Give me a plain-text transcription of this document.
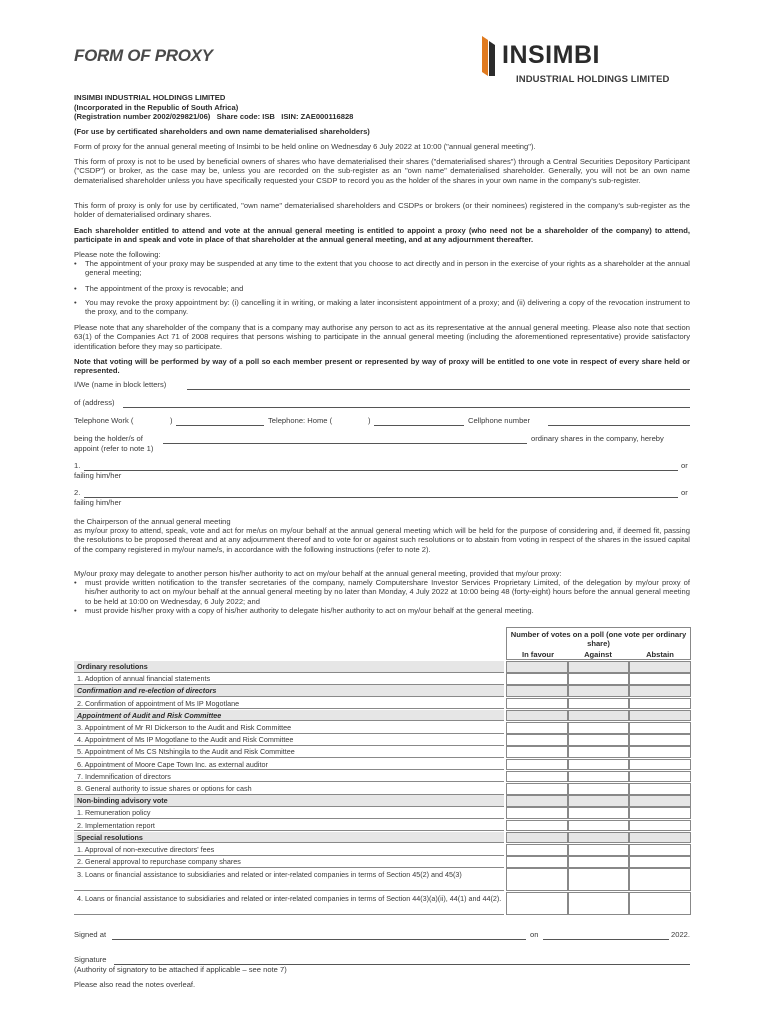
FORM OF PROXY	INSIMBI
INDUSTRIAL HOLDINGS LIMITED
INSIMBI INDUSTRIAL HOLDINGS LIMITED
(Incorporated in the Republic of South Africa)
(Registration number 2002/029821/06)   Share code: ISB   ISIN: ZAE000116828
(For use by certificated shareholders and own name dematerialised shareholders)
Form of proxy for the annual general meeting of Insimbi to be held online on Wednesday 6 July 2022 at 10:00 ("annual general meeting").
This form of proxy is not to be used by beneficial owners of shares who have dematerialised their shares ("dematerialised shares") through a Central Securities Depository Participant ("CSDP") or broker, as the case may be, unless you are recorded on the sub-register as an "own name" dematerialised shareholder. Generally, you will not be an own name dematerialised shareholder unless you have specifically requested your CSDP to record you as the holder of the shares in your own name in the company's sub-register.
This form of proxy is only for use by certificated, "own name" dematerialised shareholders and CSDPs or brokers (or their nominees) registered in the company's sub-register as the holder of dematerialised ordinary shares.
Each shareholder entitled to attend and vote at the annual general meeting is entitled to appoint a proxy (who need not be a shareholder of the company) to attend, participate in and speak and vote in place of that shareholder at the annual general meeting, and at any adjournment thereafter.
Please note the following:
• The appointment of your proxy may be suspended at any time to the extent that you choose to act directly and in person in the exercise of your rights as a shareholder at the annual general meeting;
• The appointment of the proxy is revocable; and
• You may revoke the proxy appointment by: (i) cancelling it in writing, or making a later inconsistent appointment of a proxy; and (ii) delivering a copy of the revocation instrument to the proxy, and to the company.
Please note that any shareholder of the company that is a company may authorise any person to act as its representative at the annual general meeting. Please also note that section 63(1) of the Companies Act 71 of 2008 requires that persons wishing to participate in the annual general meeting (including the aforementioned representative) provide satisfactory identification before they may so participate.
Note that voting will be performed by way of a poll so each member present or represented by way of proxy will be entitled to one vote in respect of every share held or represented.
I/We (name in block letters)
of (address)
Telephone Work (	)	Telephone: Home (	)	Cellphone number
being the holder/s of	ordinary shares in the company, hereby
appoint (refer to note 1)
1.	or
failing him/her
2.	or
failing him/her
the Chairperson of the annual general meeting
as my/our proxy to attend, speak, vote and act for me/us on my/our behalf at the annual general meeting which will be held for the purpose of considering and, if deemed fit, passing the resolutions to be proposed thereat and at any adjournment thereof and to vote for or against such resolutions or to abstain from voting in respect of the shares in the issued capital of the company registered in my/our name/s, in accordance with the following instructions (refer to note 2).
My/our proxy may delegate to another person his/her authority to act on my/our behalf at the annual general meeting, provided that my/our proxy:
• must provide written notification to the transfer secretaries of the company, namely Computershare Investor Services Proprietary Limited, of the delegation by my/our proxy of his/her authority to act on my/our behalf at the annual general meeting by no later than Monday, 4 July 2022 at 10:00 being 48 (forty-eight) hours before the annual general meeting to be held at 10:00 on Wednesday, 6 July 2022; and
• must provide his/her proxy with a copy of his/her authority to delegate his/her authority to act on my/our behalf at the general meeting.
Number of votes on a poll (one vote per ordinary share)
In favour	Against	Abstain
Ordinary resolutions
1. Adoption of annual financial statements
Confirmation and re-election of directors
2. Confirmation of appointment of Ms IP Mogotlane
Appointment of Audit and Risk Committee
3. Appointment of Mr RI Dickerson to the Audit and Risk Committee
4. Appointment of Ms IP Mogotlane to the Audit and Risk Committee
5. Appointment of Ms CS Ntshingila to the Audit and Risk Committee
6. Appointment of Moore Cape Town Inc. as external auditor
7. Indemnification of directors
8. General authority to issue shares or options for cash
Non-binding advisory vote
1. Remuneration policy
2. Implementation report
Special resolutions
1. Approval of non-executive directors' fees
2. General approval to repurchase company shares
3. Loans or financial assistance to subsidiaries and related or inter-related companies in terms of Section 45(2) and 45(3)
4. Loans or financial assistance to subsidiaries and related or inter-related companies in terms of Section 44(3)(a)(ii), 44(1) and 44(2).
Signed at	on	2022.
Signature
(Authority of signatory to be attached if applicable – see note 7)
Please also read the notes overleaf.
